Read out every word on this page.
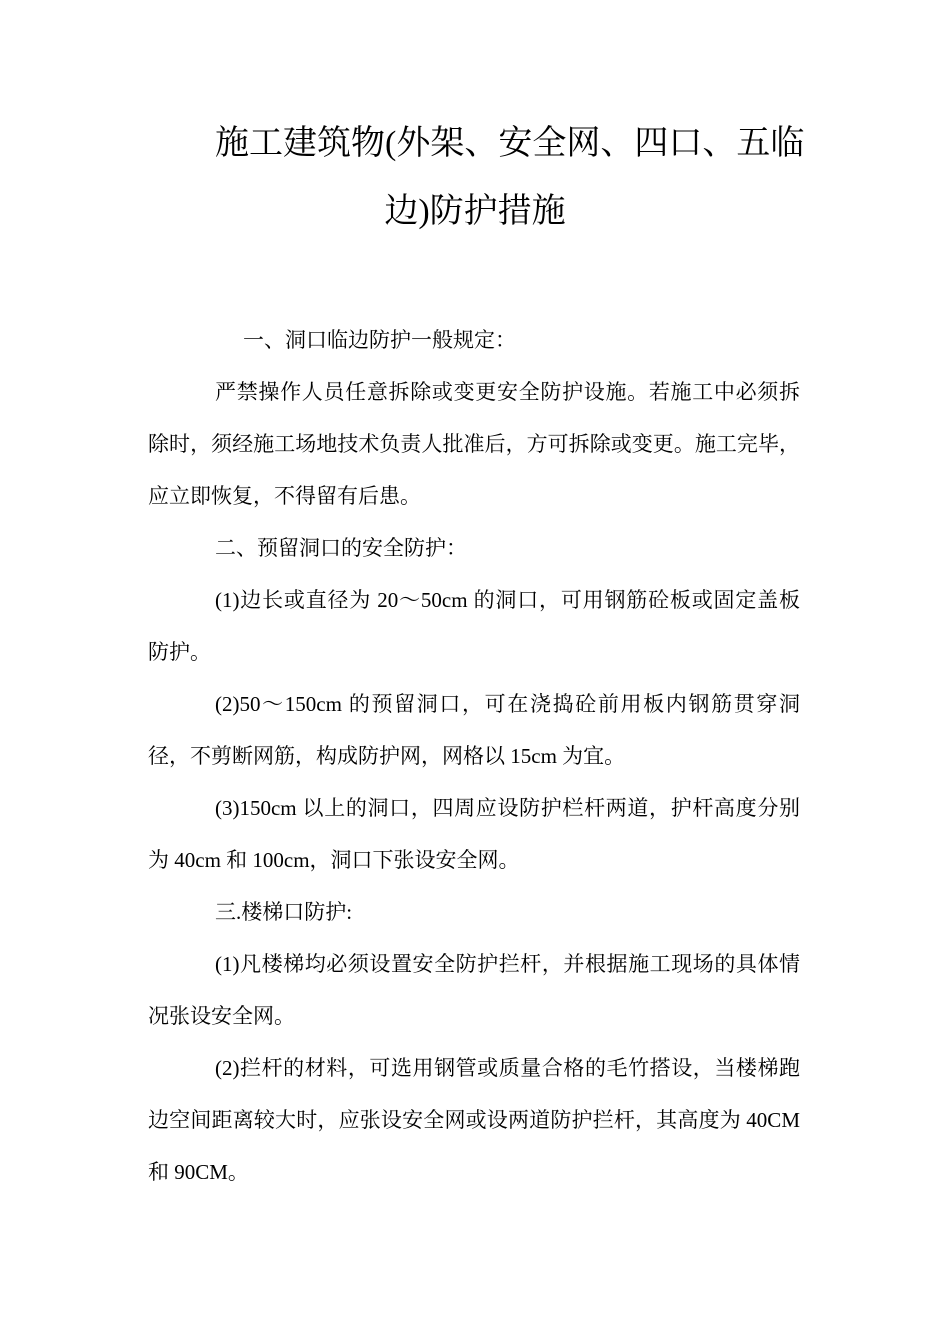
施工建筑物(外架、安全网、四口、五临
边)防护措施

一、洞口临边防护一般规定：

严禁操作人员任意拆除或变更安全防护设施。若施工中必须拆除时，须经施工场地技术负责人批准后，方可拆除或变更。施工完毕，应立即恢复，不得留有后患。

二、预留洞口的安全防护：

(1)边长或直径为 20～50cm 的洞口，可用钢筋砼板或固定盖板防护。

(2)50～150cm 的预留洞口，可在浇捣砼前用板内钢筋贯穿洞径，不剪断网筋，构成防护网，网格以 15cm 为宜。

(3)150cm 以上的洞口，四周应设防护栏杆两道，护杆高度分别为 40cm 和 100cm，洞口下张设安全网。

三.楼梯口防护:

(1)凡楼梯均必须设置安全防护拦杆，并根据施工现场的具体情况张设安全网。

(2)拦杆的材料，可选用钢管或质量合格的毛竹搭设，当楼梯跑边空间距离较大时，应张设安全网或设两道防护拦杆，其高度为 40CM 和 90CM。
